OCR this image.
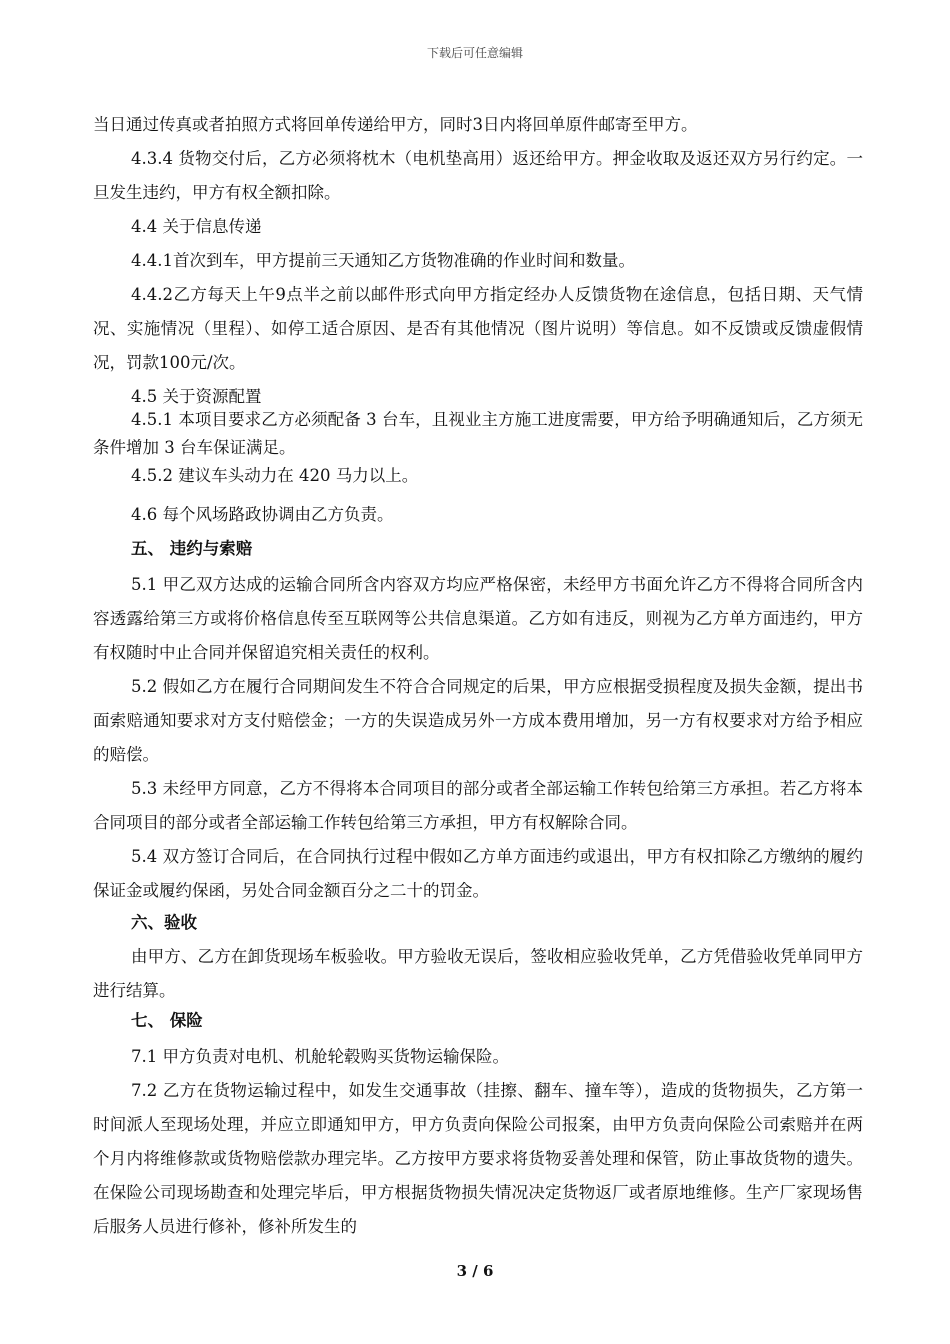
下载后可任意编辑

当日通过传真或者拍照方式将回单传递给甲方，同时3日内将回单原件邮寄至甲方。

4.3.4 货物交付后，乙方必须将枕木（电机垫高用）返还给甲方。押金收取及返还双方另行约定。一旦发生违约，甲方有权全额扣除。

4.4 关于信息传递

4.4.1首次到车，甲方提前三天通知乙方货物准确的作业时间和数量。

4.4.2乙方每天上午9点半之前以邮件形式向甲方指定经办人反馈货物在途信息，包括日期、天气情况、实施情况（里程）、如停工适合原因、是否有其他情况（图片说明）等信息。如不反馈或反馈虚假情况，罚款100元/次。

4.5 关于资源配置

4.5.1 本项目要求乙方必须配备 3 台车，且视业主方施工进度需要，甲方给予明确通知后，乙方须无条件增加 3 台车保证满足。

4.5.2 建议车头动力在 420 马力以上。

4.6 每个风场路政协调由乙方负责。

五、 违约与索赔

5.1 甲乙双方达成的运输合同所含内容双方均应严格保密，未经甲方书面允许乙方不得将合同所含内容透露给第三方或将价格信息传至互联网等公共信息渠道。乙方如有违反，则视为乙方单方面违约，甲方有权随时中止合同并保留追究相关责任的权利。

5.2 假如乙方在履行合同期间发生不符合合同规定的后果，甲方应根据受损程度及损失金额，提出书面索赔通知要求对方支付赔偿金；一方的失误造成另外一方成本费用增加，另一方有权要求对方给予相应的赔偿。

5.3 未经甲方同意，乙方不得将本合同项目的部分或者全部运输工作转包给第三方承担。若乙方将本合同项目的部分或者全部运输工作转包给第三方承担，甲方有权解除合同。

5.4 双方签订合同后，在合同执行过程中假如乙方单方面违约或退出，甲方有权扣除乙方缴纳的履约保证金或履约保函，另处合同金额百分之二十的罚金。

六、验收

由甲方、乙方在卸货现场车板验收。甲方验收无误后，签收相应验收凭单，乙方凭借验收凭单同甲方进行结算。

七、 保险

7.1 甲方负责对电机、机舱轮毂购买货物运输保险。

7.2 乙方在货物运输过程中，如发生交通事故（挂擦、翻车、撞车等），造成的货物损失，乙方第一时间派人至现场处理，并应立即通知甲方，甲方负责向保险公司报案，由甲方负责向保险公司索赔并在两个月内将维修款或货物赔偿款办理完毕。乙方按甲方要求将货物妥善处理和保管，防止事故货物的遗失。在保险公司现场勘查和处理完毕后，甲方根据货物损失情况决定货物返厂或者原地维修。生产厂家现场售后服务人员进行修补，修补所发生的

3 / 6
